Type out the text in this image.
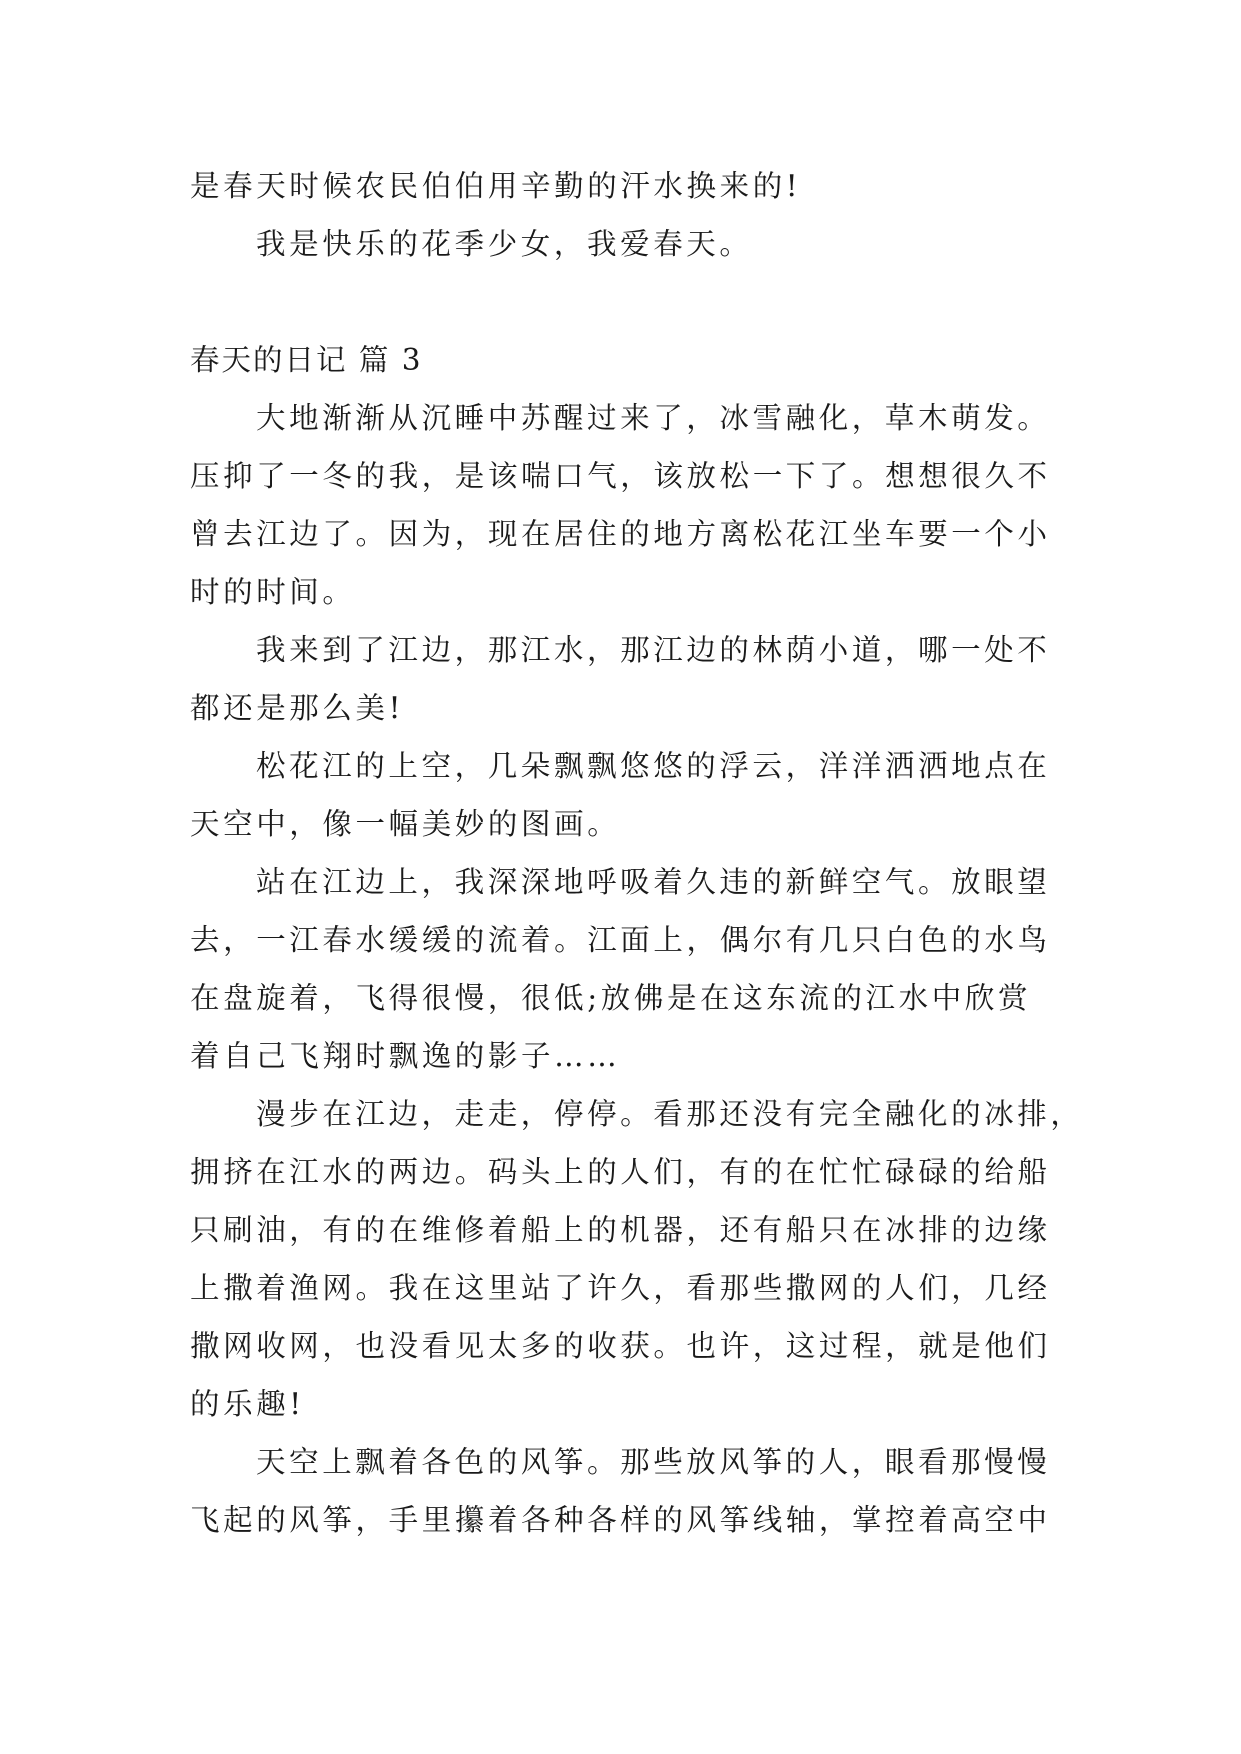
是春天时候农民伯伯用辛勤的汗水换来的!

我是快乐的花季少女，我爱春天。

春天的日记 篇 3

大地渐渐从沉睡中苏醒过来了，冰雪融化，草木萌发。

压抑了一冬的我，是该喘口气，该放松一下了。想想很久不

曾去江边了。因为，现在居住的地方离松花江坐车要一个小

时的时间。

我来到了江边，那江水，那江边的林荫小道，哪一处不

都还是那么美!

松花江的上空，几朵飘飘悠悠的浮云，洋洋洒洒地点在

天空中，像一幅美妙的图画。

站在江边上，我深深地呼吸着久违的新鲜空气。放眼望

去，一江春水缓缓的流着。江面上，偶尔有几只白色的水鸟

在盘旋着，飞得很慢，很低;放佛是在这东流的江水中欣赏

着自己飞翔时飘逸的影子……

漫步在江边，走走，停停。看那还没有完全融化的冰排，

拥挤在江水的两边。码头上的人们，有的在忙忙碌碌的给船

只刷油，有的在维修着船上的机器，还有船只在冰排的边缘

上撒着渔网。我在这里站了许久，看那些撒网的人们，几经

撒网收网，也没看见太多的收获。也许，这过程，就是他们

的乐趣!

天空上飘着各色的风筝。那些放风筝的人，眼看那慢慢

飞起的风筝，手里攥着各种各样的风筝线轴，掌控着高空中
